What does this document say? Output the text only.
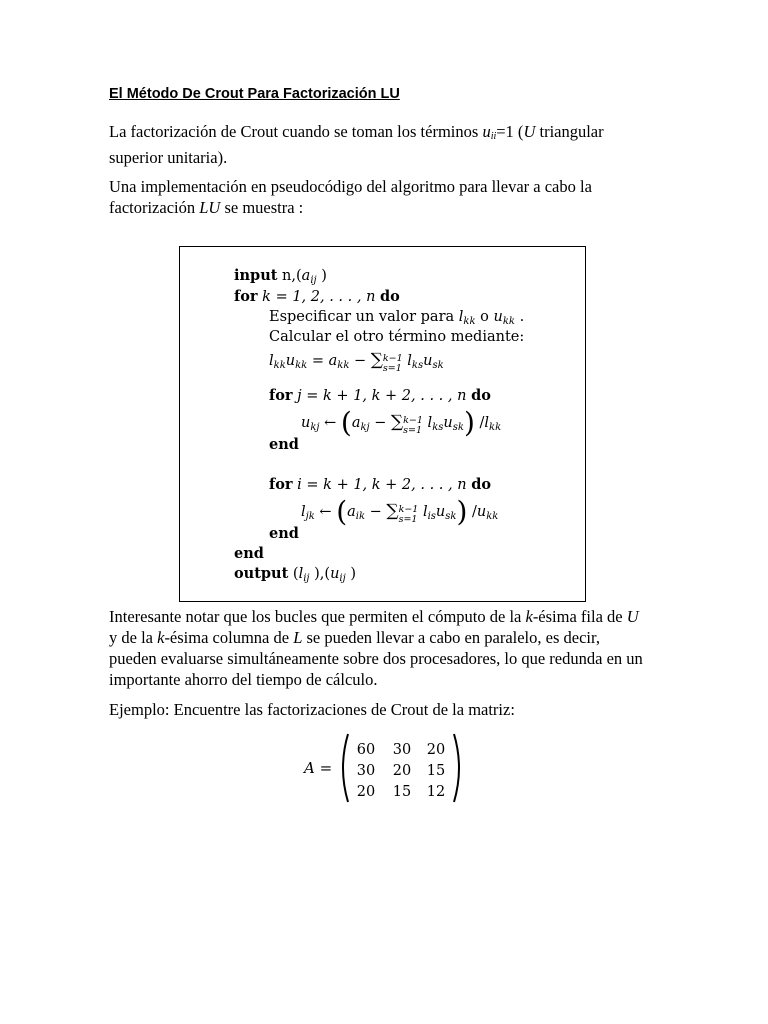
El Método De Crout Para Factorización LU

La factorización de Crout cuando se toman los términos $u_{ii}=1$ (U triangular superior unitaria).

Una implementación en pseudocódigo del algoritmo para llevar a cabo la factorización LU se muestra :

input $n,(a_{ij}$ )
for k = 1, 2, . . . , n do
Especificar un valor para $l_{kk}$ o $u_{kk}$ .
Calcular el otro término mediante:
$l_{kk}u_{kk} = a_{kk}$ − ∑ k−1
s=1 $l_{ks}u_{sk}$
for j = k + 1, k + 2, . . . , n do
$u_{kj}$ ← ($a_{kj}$ − ∑ k−1
s=1 $l_{ks}u_{sk}$) $/l_{kk}$
end
for i = k + 1, k + 2, . . . , n do
$l_{jk}$ ← ($a_{ik}$ − ∑ k−1
s=1 $l_{is}u_{sk}$) $/u_{kk}$
end
end
output ($l_{ij}$ )$,(u_{ij}$ )

Interesante notar que los bucles que permiten el cómputo de la k-ésima fila de U y de la k-ésima columna de L se pueden llevar a cabo en paralelo, es decir, pueden evaluarse simultáneamente sobre dos procesadores, lo que redunda en un importante ahorro del tiempo de cálculo.

Ejemplo: Encuentre las factorizaciones de Crout de la matriz:

A =
60	30	20
30	20	15
20	15	12
